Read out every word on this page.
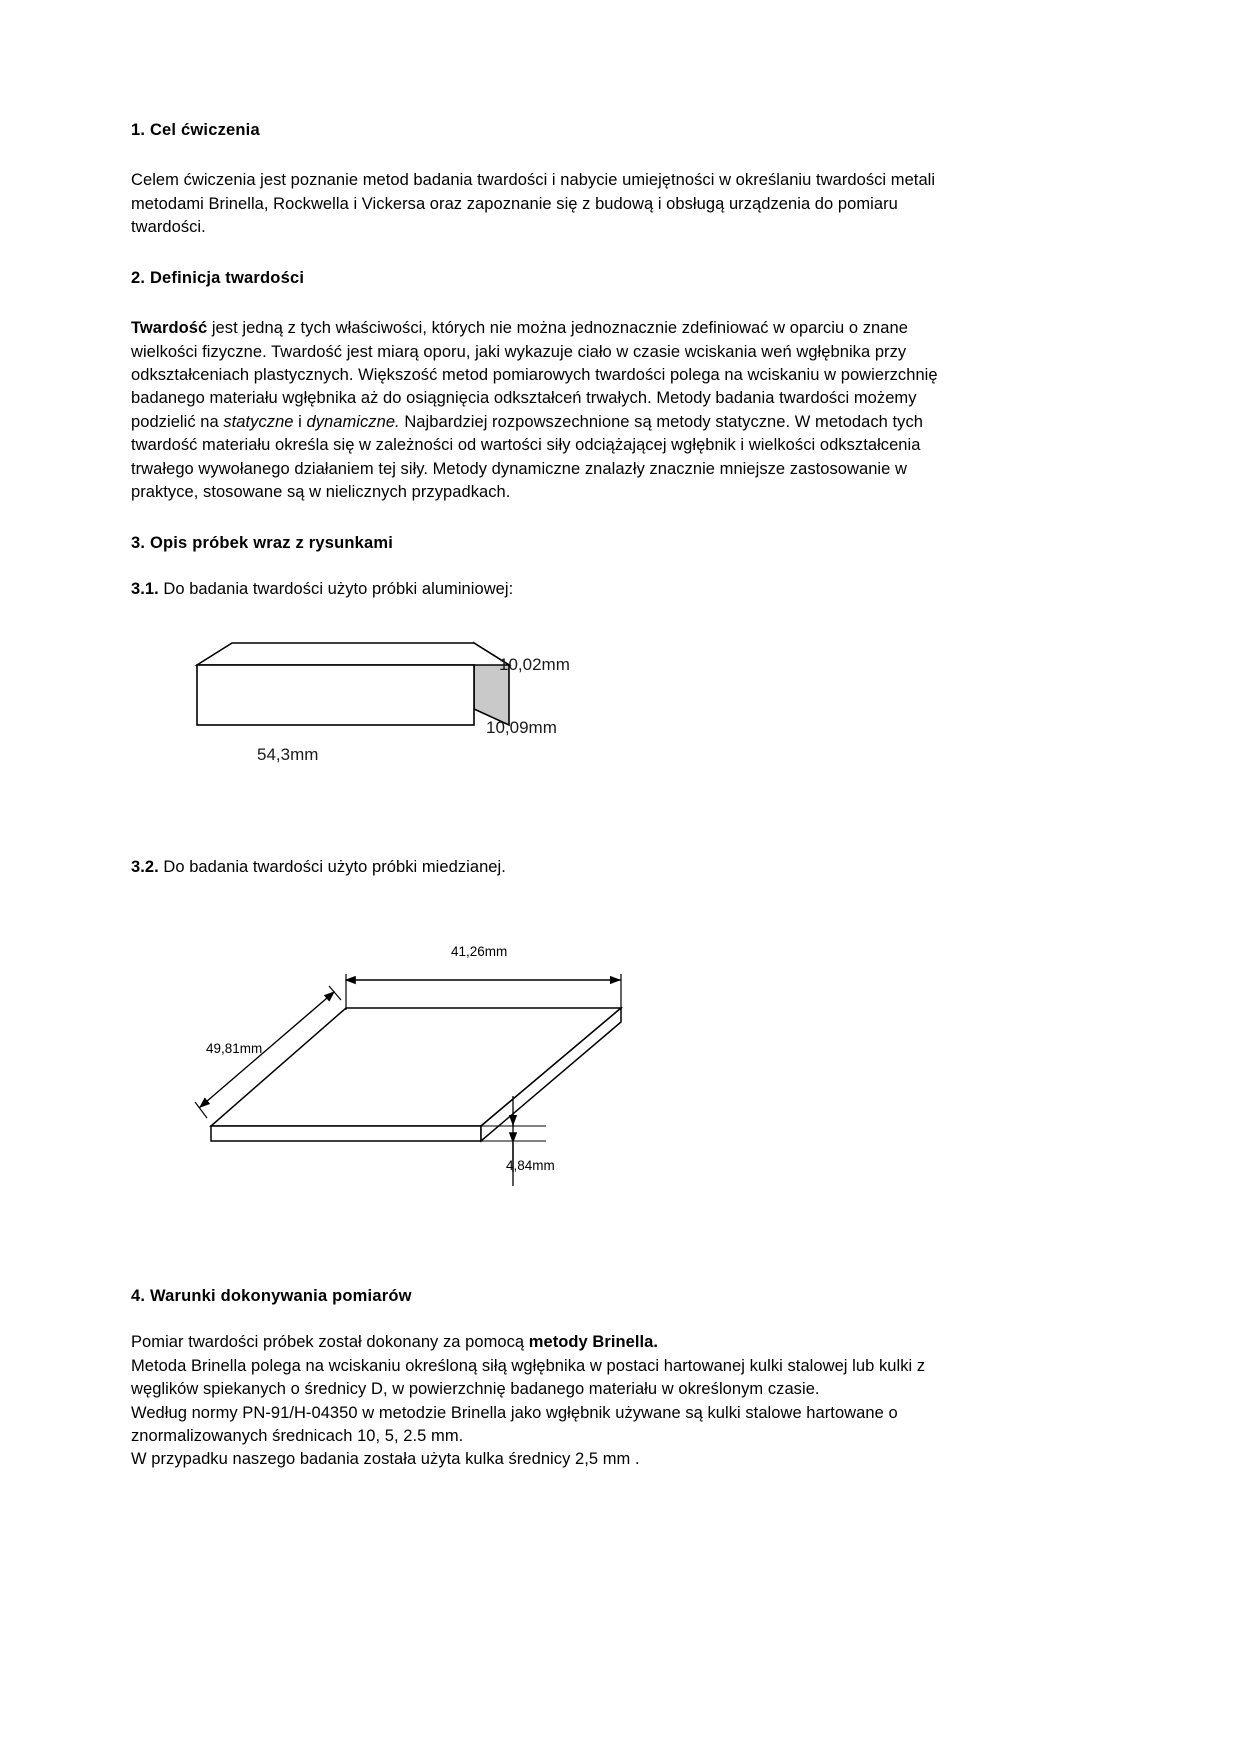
1. Cel ćwiczenia

Celem ćwiczenia jest poznanie metod badania twardości i nabycie umiejętności w określaniu twardości metali metodami Brinella, Rockwella i Vickersa oraz zapoznanie się z budową i obsługą urządzenia do pomiaru twardości.

2. Definicja twardości

Twardość jest jedną z tych właściwości, których nie można jednoznacznie zdefiniować w oparciu o znane wielkości fizyczne. Twardość jest miarą oporu, jaki wykazuje ciało w czasie wciskania weń wgłębnika przy odkształceniach plastycznych. Większość metod pomiarowych twardości polega na wciskaniu w powierzchnię badanego materiału wgłębnika aż do osiągnięcia odkształceń trwałych. Metody badania twardości możemy podzielić na statyczne i dynamiczne. Najbardziej rozpowszechnione są metody statyczne. W metodach tych twardość materiału określa się w zależności od wartości siły odciążającej wgłębnik i wielkości odkształcenia trwałego wywołanego działaniem tej siły. Metody dynamiczne znalazły znacznie mniejsze zastosowanie w praktyce, stosowane są w nielicznych przypadkach.

3. Opis próbek wraz z rysunkami

3.1. Do badania twardości użyto próbki aluminiowej:

10,02mm
10,09mm
54,3mm

3.2. Do badania twardości użyto próbki miedzianej.

41,26mm
49,81mm
4,84mm
4. Warunki dokonywania pomiarów

Pomiar twardości próbek został dokonany za pomocą metody Brinella.

Metoda Brinella polega na wciskaniu określoną siłą wgłębnika w postaci hartowanej kulki stalowej lub kulki z węglików spiekanych o średnicy D, w powierzchnię badanego materiału w określonym czasie.

Według normy PN-91/H-04350 w metodzie Brinella jako wgłębnik używane są kulki stalowe hartowane o znormalizowanych średnicach 10, 5, 2.5 mm.

W przypadku naszego badania została użyta kulka średnicy 2,5 mm .
